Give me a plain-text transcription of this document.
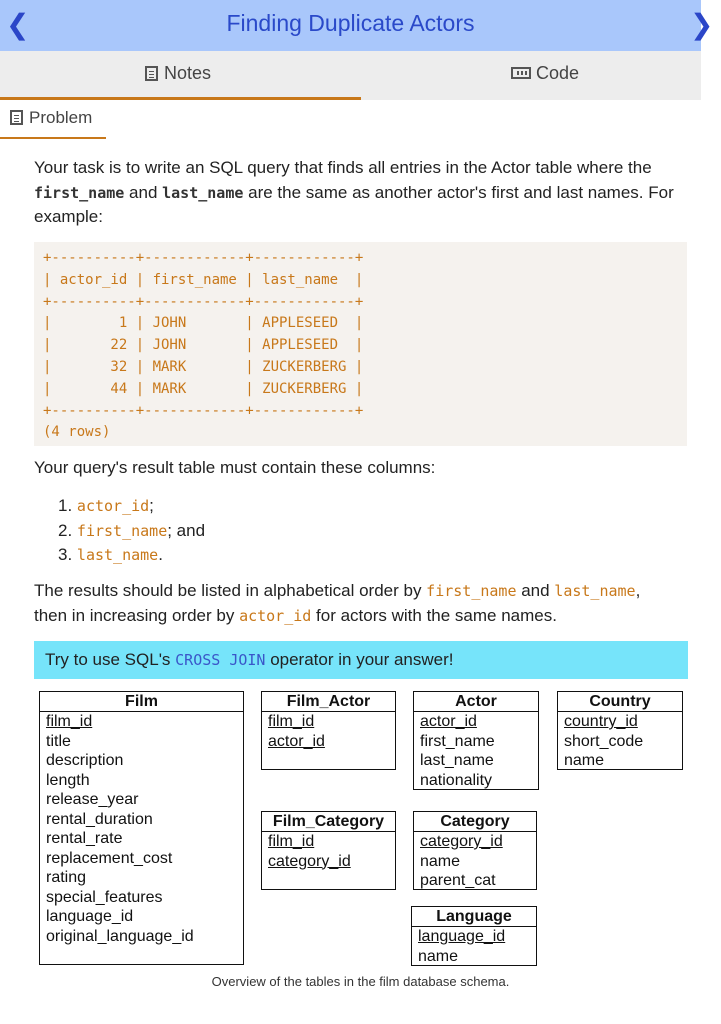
❮	Finding Duplicate Actors	❯
Notes	Code
Problem
Your task is to write an SQL query that finds all entries in the Actor table where the
first_name and last_name are the same as another actor's first and last names. For
example:
+----------+------------+------------+
| actor_id | first_name | last_name  |
+----------+------------+------------+
|        1 | JOHN       | APPLESEED  |
|       22 | JOHN       | APPLESEED  |
|       32 | MARK       | ZUCKERBERG |
|       44 | MARK       | ZUCKERBERG |
+----------+------------+------------+
(4 rows)
Your query's result table must contain these columns:
1. actor_id;
2. first_name; and
3. last_name.
The results should be listed in alphabetical order by first_name and last_name,
then in increasing order by actor_id for actors with the same names.
Try to use SQL's CROSS JOIN operator in your answer!
Film
film_id
title
description
length
release_year
rental_duration
rental_rate
replacement_cost
rating
special_features
language_id
original_language_id
Film_Actor
film_id
actor_id
Actor
actor_id
first_name
last_name
nationality
Country
country_id
short_code
name
Film_Category
film_id
category_id
Category
category_id
name
parent_cat
Language
language_id
name
Overview of the tables in the film database schema.
